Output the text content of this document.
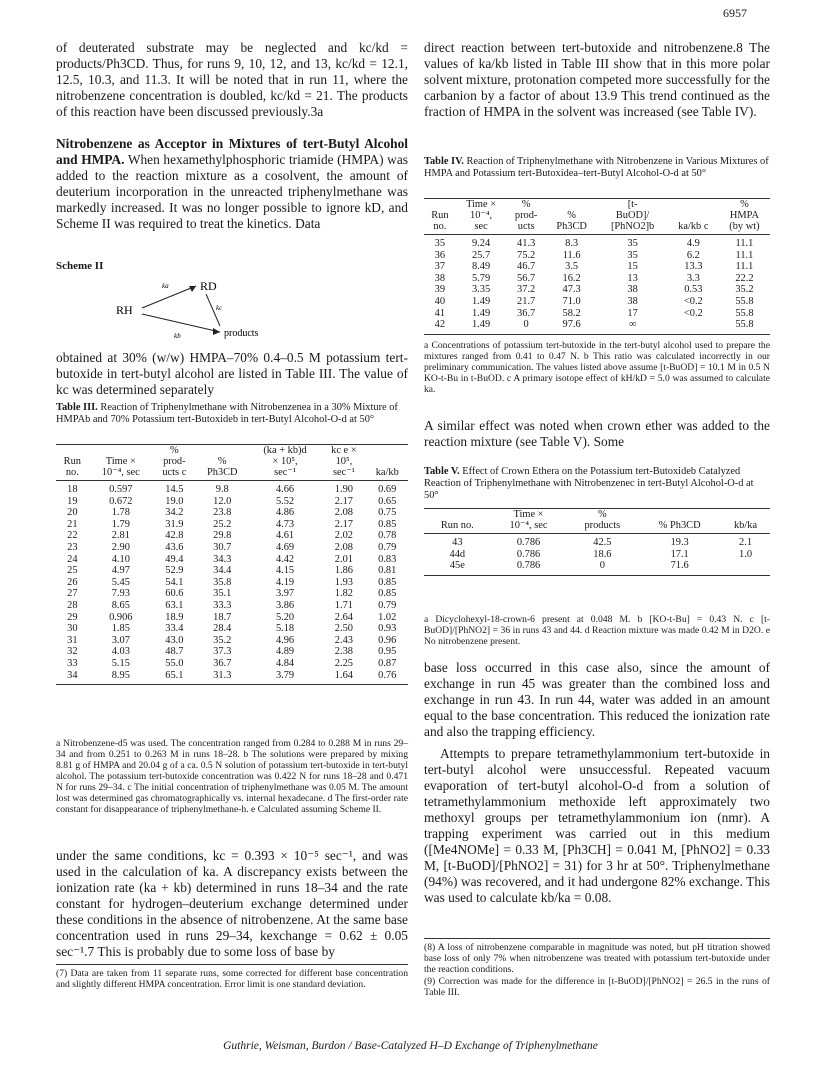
6957

of deuterated substrate may be neglected and kc/kd = products/Ph3CD. Thus, for runs 9, 10, 12, and 13, kc/kd = 12.1, 12.5, 10.3, and 11.3. It will be noted that in run 11, where the nitrobenzene concentration is doubled, kc/kd = 21. The products of this reaction have been discussed previously.3a

Nitrobenzene as Acceptor in Mixtures of tert-Butyl Alcohol and HMPA. When hexamethylphosphoric triamide (HMPA) was added to the reaction mixture as a cosolvent, the amount of deuterium incorporation in the unreacted triphenylmethane was markedly increased. It was no longer possible to ignore kD, and Scheme II was required to treat the kinetics. Data

Scheme II
RH
ka	RD
kb
kc
products

obtained at 30% (w/w) HMPA–70% 0.4–0.5 M potassium tert-butoxide in tert-butyl alcohol are listed in Table III. The value of kc was determined separately

Table III. Reaction of Triphenylmethane with Nitrobenzenea in a 30% Mixture of HMPAb and 70% Potassium tert-Butoxideb in tert-Butyl Alcohol-O-d at 50°

		%		(ka + kb)d	kc e ×	
Run	Time ×	prod-	%	× 10⁵,	10⁵,	
no.	10⁻⁴, sec	ucts c	Ph3CD	sec⁻¹	sec⁻¹	ka/kb
18	0.597	14.5	9.8	4.66	1.90	0.69
19	0.672	19.0	12.0	5.52	2.17	0.65
20	1.78	34.2	23.8	4.86	2.08	0.75
21	1.79	31.9	25.2	4.73	2.17	0.85
22	2.81	42.8	29.8	4.61	2.02	0.78
23	2.90	43.6	30.7	4.69	2.08	0.79
24	4.10	49.4	34.3	4.42	2.01	0.83
25	4.97	52.9	34.4	4.15	1.86	0.81
26	5.45	54.1	35.8	4.19	1.93	0.85
27	7.93	60.6	35.1	3.97	1.82	0.85
28	8.65	63.1	33.3	3.86	1.71	0.79
29	0.906	18.9	18.7	5.20	2.64	1.02
30	1.85	33.4	28.4	5.18	2.50	0.93
31	3.07	43.0	35.2	4.96	2.43	0.96
32	4.03	48.7	37.3	4.89	2.38	0.95
33	5.15	55.0	36.7	4.84	2.25	0.87
34	8.95	65.1	31.3	3.79	1.64	0.76

a Nitrobenzene-d5 was used. The concentration ranged from 0.284 to 0.288 M in runs 29–34 and from 0.251 to 0.263 M in runs 18–28. b The solutions were prepared by mixing 8.81 g of HMPA and 20.04 g of a ca. 0.5 N solution of potassium tert-butoxide in tert-butyl alcohol. The potassium tert-butoxide concentration was 0.422 N for runs 18–28 and 0.471 N for runs 29–34. c The initial concentration of triphenylmethane was 0.05 M. The amount lost was determined gas chromatographically vs. internal hexadecane. d The first-order rate constant for disappearance of triphenylmethane-h. e Calculated assuming Scheme II.

under the same conditions, kc = 0.393 × 10⁻⁵ sec⁻¹, and was used in the calculation of ka. A discrepancy exists between the ionization rate (ka + kb) determined in runs 18–34 and the rate constant for hydrogen–deuterium exchange determined under these conditions in the absence of nitrobenzene. At the same base concentration used in runs 29–34, kexchange = 0.62 ± 0.05 sec⁻¹.7 This is probably due to some loss of base by

(7) Data are taken from 11 separate runs, some corrected for different base concentration and slightly different HMPA concentration. Error limit is one standard deviation.

direct reaction between tert-butoxide and nitrobenzene.8 The values of ka/kb listed in Table III show that in this more polar solvent mixture, protonation competed more successfully for the carbanion by a factor of about 13.9 This trend continued as the fraction of HMPA in the solvent was increased (see Table IV).

Table IV. Reaction of Triphenylmethane with Nitrobenzene in Various Mixtures of HMPA and Potassium tert-Butoxidea–tert-Butyl Alcohol-O-d at 50°

	Time ×	%		[t-		%
Run	10⁻⁴,	prod-	%	BuOD]/		HMPA
no.	sec	ucts	Ph3CD	[PhNO2]b	ka/kb c	(by wt)
35	9.24	41.3	8.3	35	4.9	11.1
36	25.7	75.2	11.6	35	6.2	11.1
37	8.49	46.7	3.5	15	13.3	11.1
38	5.79	56.7	16.2	13	3.3	22.2
39	3.35	37.2	47.3	38	0.53	35.2
40	1.49	21.7	71.0	38	<0.2	55.8
41	1.49	36.7	58.2	17	<0.2	55.8
42	1.49	0	97.6	∞		55.8

a Concentrations of potassium tert-butoxide in the tert-butyl alcohol used to prepare the mixtures ranged from 0.41 to 0.47 N. b This ratio was calculated incorrectly in our preliminary communication. The values listed above assume [t-BuOD] = 10.1 M in 0.5 N KO-t-Bu in t-BuOD. c A primary isotope effect of kH/kD = 5.0 was assumed to calculate ka.

A similar effect was noted when crown ether was added to the reaction mixture (see Table V). Some

Table V. Effect of Crown Ethera on the Potassium tert-Butoxideb Catalyzed Reaction of Triphenylmethane with Nitrobenzenec in tert-Butyl Alcohol-O-d at 50°

	Time ×	%		
Run no.	10⁻⁴, sec	products	% Ph3CD	kb/ka
43	0.786	42.5	19.3	2.1
44d	0.786	18.6	17.1	1.0
45e	0.786	0	71.6	

a Dicyclohexyl-18-crown-6 present at 0.048 M. b [KO-t-Bu] = 0.43 N. c [t-BuOD]/[PhNO2] = 36 in runs 43 and 44. d Reaction mixture was made 0.42 M in D2O. e No nitrobenzene present.

base loss occurred in this case also, since the amount of exchange in run 45 was greater than the combined loss and exchange in run 43. In run 44, water was added in an amount equal to the base concentration. This reduced the ionization rate and also the trapping efficiency.

Attempts to prepare tetramethylammonium tert-butoxide in tert-butyl alcohol were unsuccessful. Repeated vacuum evaporation of tert-butyl alcohol-O-d from a solution of tetramethylammonium methoxide left approximately two methoxyl groups per tetramethylammonium ion (nmr). A trapping experiment was carried out in this medium ([Me4NOMe] = 0.33 M, [Ph3CH] = 0.041 M, [PhNO2] = 0.33 M, [t-BuOD]/[PhNO2] = 31) for 3 hr at 50°. Triphenylmethane (94%) was recovered, and it had undergone 82% exchange. This was used to calculate kb/ka = 0.08.

(8) A loss of nitrobenzene comparable in magnitude was noted, but pH titration showed base loss of only 7% when nitrobenzene was treated with potassium tert-butoxide under the reaction conditions.

(9) Correction was made for the difference in [t-BuOD]/[PhNO2] = 26.5 in the runs of Table III.

Guthrie, Weisman, Burdon / Base-Catalyzed H–D Exchange of Triphenylmethane
